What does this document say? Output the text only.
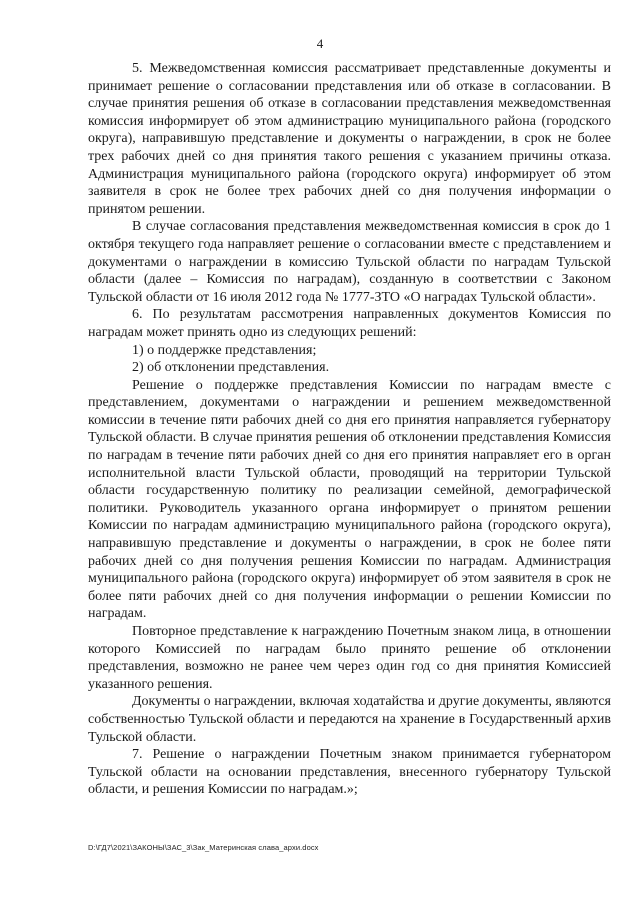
4

5. Межведомственная комиссия рассматривает представленные документы и принимает решение о согласовании представления или об отказе в согласовании. В случае принятия решения об отказе в согласовании представления межведомственная комиссия информирует об этом администрацию муниципального района (городского округа), направившую представление и документы о награждении, в срок не более трех рабочих дней со дня принятия такого решения с указанием причины отказа. Администрация муниципального района (городского округа) информирует об этом заявителя в срок не более трех рабочих дней со дня получения информации о принятом решении.

В случае согласования представления межведомственная комиссия в срок до 1 октября текущего года направляет решение о согласовании вместе с представлением и документами о награждении в комиссию Тульской области по наградам Тульской области (далее – Комиссия по наградам), созданную в соответствии с Законом Тульской области от 16 июля 2012 года № 1777-ЗТО «О наградах Тульской области».

6. По результатам рассмотрения направленных документов Комиссия по наградам может принять одно из следующих решений:

1) о поддержке представления;

2) об отклонении представления.

Решение о поддержке представления Комиссии по наградам вместе с представлением, документами о награждении и решением межведомственной комиссии в течение пяти рабочих дней со дня его принятия направляется губернатору Тульской области. В случае принятия решения об отклонении представления Комиссия по наградам в течение пяти рабочих дней со дня его принятия направляет его в орган исполнительной власти Тульской области, проводящий на территории Тульской области государственную политику по реализации семейной, демографической политики. Руководитель указанного органа информирует о принятом решении Комиссии по наградам администрацию муниципального района (городского округа), направившую представление и документы о награждении, в срок не более пяти рабочих дней со дня получения решения Комиссии по наградам. Администрация муниципального района (городского округа) информирует об этом заявителя в срок не более пяти рабочих дней со дня получения информации о решении Комиссии по наградам.

Повторное представление к награждению Почетным знаком лица, в отношении которого Комиссией по наградам было принято решение об отклонении представления, возможно не ранее чем через один год со дня принятия Комиссией указанного решения.

Документы о награждении, включая ходатайства и другие документы, являются собственностью Тульской области и передаются на хранение в Государственный архив Тульской области.

7. Решение о награждении Почетным знаком принимается губернатором Тульской области на основании представления, внесенного губернатору Тульской области, и решения Комиссии по наградам.»;

D:\ГД7\2021\ЗАКОНЫ\ЗАС_3\Зак_Материнская слава_архи.docx
